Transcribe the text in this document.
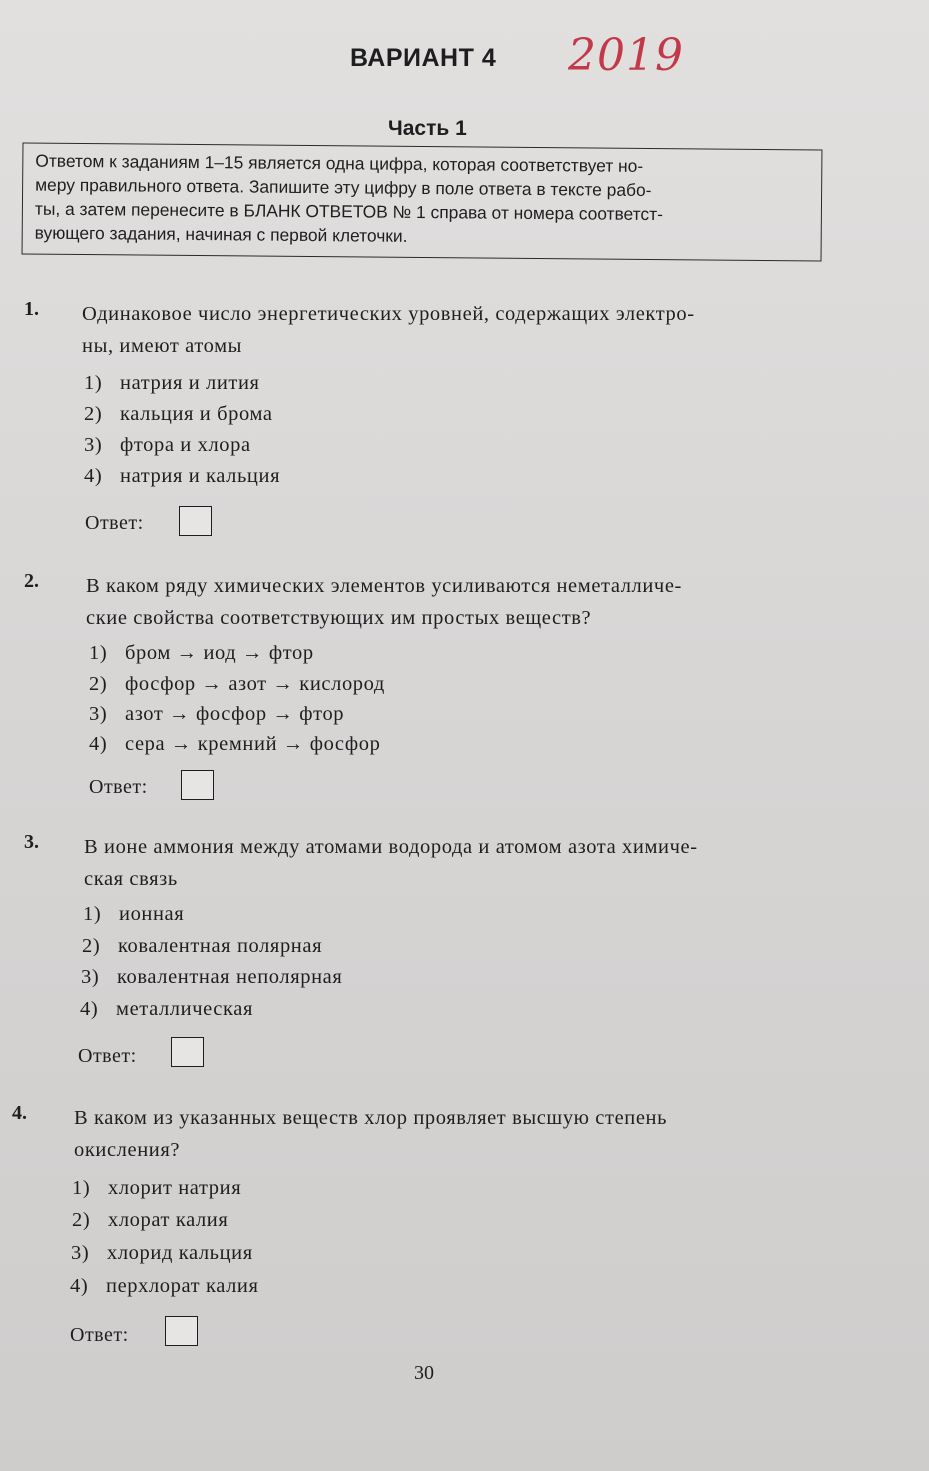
ВАРИАНТ 4 2019
Часть 1
Ответом к заданиям 1–15 является одна цифра, которая соответствует но-
меру правильного ответа. Запишите эту цифру в поле ответа в тексте рабо-
ты, а затем перенесите в БЛАНК ОТВЕТОВ № 1 справа от номера соответст-
вующего задания, начиная с первой клеточки.
1. Одинаковое число энергетических уровней, содержащих электро-
ны, имеют атомы
1) натрия и лития
2) кальция и брома
3) фтора и хлора
4) натрия и кальция
Ответ:
2. В каком ряду химических элементов усиливаются неметалличе-
ские свойства соответствующих им простых веществ?
1) бром → иод → фтор
2) фосфор → азот → кислород
3) азот → фосфор → фтор
4) сера → кремний → фосфор
Ответ:
3. В ионе аммония между атомами водорода и атомом азота химиче-
ская связь
1) ионная
2) ковалентная полярная
3) ковалентная неполярная
4) металлическая
Ответ:
4. В каком из указанных веществ хлор проявляет высшую степень
окисления?
1) хлорит натрия
2) хлорат калия
3) хлорид кальция
4) перхлорат калия
Ответ:
30
